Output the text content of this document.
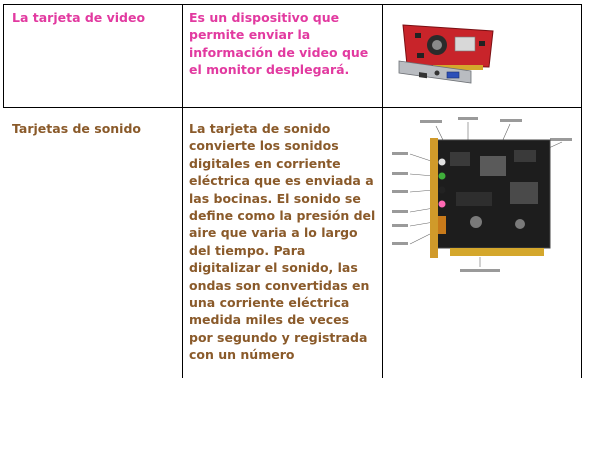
La tarjeta de video	Es un dispositivo que permite enviar la información de video que el monitor desplegará.
Tarjetas de sonido	La tarjeta de sonido convierte los sonidos digitales en corriente eléctrica que es enviada a las bocinas. El sonido se define como la presión del aire que varia a lo largo del tiempo. Para digitalizar el sonido, las ondas son convertidas en una corriente eléctrica medida miles de veces por segundo y registrada con un número
